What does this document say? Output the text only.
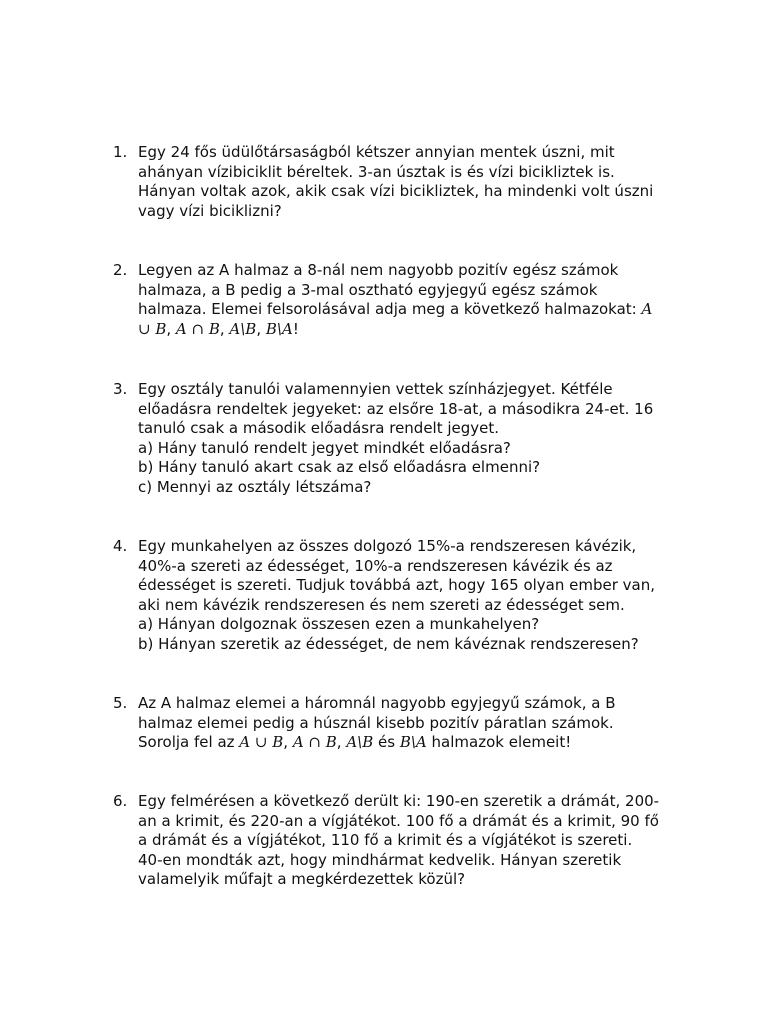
1. Egy 24 fős üdülőtársaságból kétszer annyian mentek úszni, mit
ahányan vízibiciklit béreltek. 3-an úsztak is és vízi bicikliztek is.
Hányan voltak azok, akik csak vízi bicikliztek, ha mindenki volt úszni
vagy vízi biciklizni?
2. Legyen az A halmaz a 8-nál nem nagyobb pozitív egész számok
halmaza, a B pedig a 3-mal osztható egyjegyű egész számok
halmaza. Elemei felsorolásával adja meg a következő halmazokat: A
∪ B, A ∩ B, A\B, B\A!
3. Egy osztály tanulói valamennyien vettek színházjegyet. Kétféle
előadásra rendeltek jegyeket: az elsőre 18-at, a másodikra 24-et. 16
tanuló csak a második előadásra rendelt jegyet.
a) Hány tanuló rendelt jegyet mindkét előadásra?
b) Hány tanuló akart csak az első előadásra elmenni?
c) Mennyi az osztály létszáma?
4. Egy munkahelyen az összes dolgozó 15%-a rendszeresen kávézik,
40%-a szereti az édességet, 10%-a rendszeresen kávézik és az
édességet is szereti. Tudjuk továbbá azt, hogy 165 olyan ember van,
aki nem kávézik rendszeresen és nem szereti az édességet sem.
a) Hányan dolgoznak összesen ezen a munkahelyen?
b) Hányan szeretik az édességet, de nem kávéznak rendszeresen?
5. Az A halmaz elemei a háromnál nagyobb egyjegyű számok, a B
halmaz elemei pedig a húsznál kisebb pozitív páratlan számok.
Sorolja fel az A ∪ B, A ∩ B, A\B és B\A halmazok elemeit!
6. Egy felmérésen a következő derült ki: 190-en szeretik a drámát, 200-
an a krimit, és 220-an a vígjátékot. 100 fő a drámát és a krimit, 90 fő
a drámát és a vígjátékot, 110 fő a krimit és a vígjátékot is szereti.
40-en mondták azt, hogy mindhármat kedvelik. Hányan szeretik
valamelyik műfajt a megkérdezettek közül?
